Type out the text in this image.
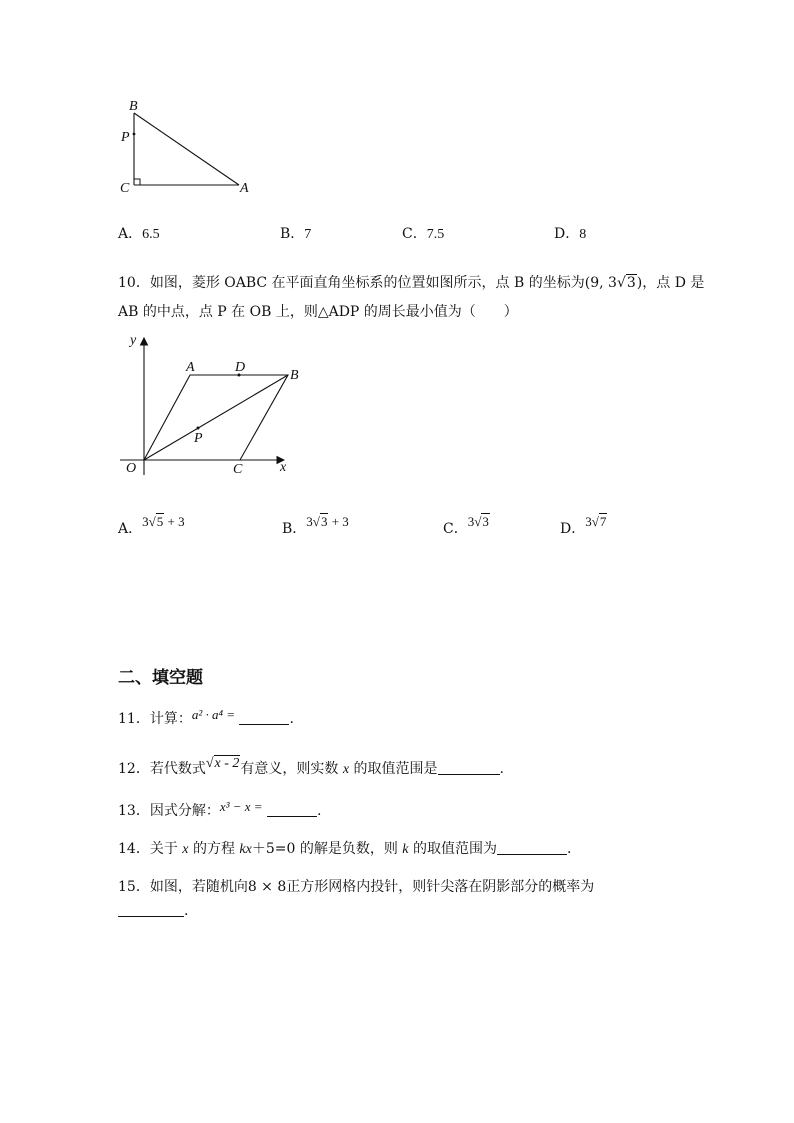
B
P
C	A
A．6.5	B．7	C．7.5	D．8
10．如图，菱形 OABC 在平面直角坐标系的位置如图所示，点 B 的坐标为(9, 3√3)，点 D 是
AB 的中点，点 P 在 OB 上，则△ADP 的周长最小值为（　　）
y
A	D
B
P
O	C	x
A．3√5 + 3	B．3√3 + 3	C．3√3	D．3√7
二、填空题
11．计算：a² · a⁴ =	.
12．若代数式√x - 2有意义，则实数 x 的取值范围是	.
13．因式分解：x³ − x =	.
14．关于 x 的方程 kx＋5=0 的解是负数，则 k 的取值范围为	.
15．如图，若随机向8 × 8正方形网格内投针，则针尖落在阴影部分的概率为
.
